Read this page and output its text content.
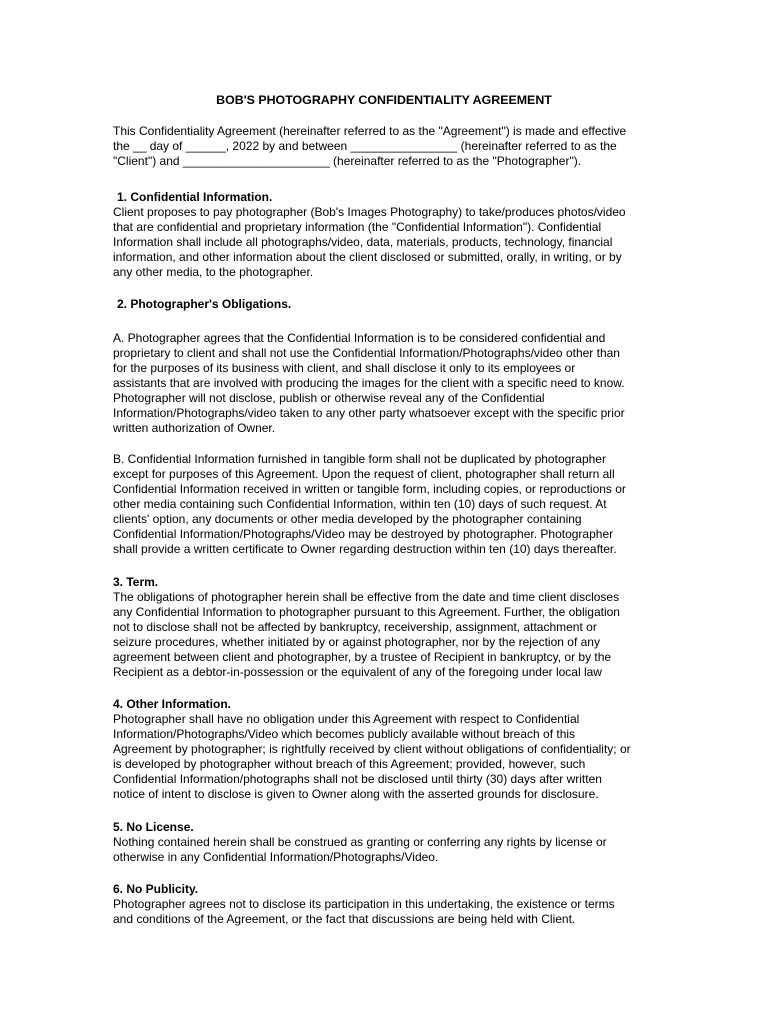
BOB'S PHOTOGRAPHY CONFIDENTIALITY AGREEMENT
This Confidentiality Agreement (hereinafter referred to as the "Agreement") is made and effective
the __ day of ______, 2022 by and between ________________ (hereinafter referred to as the
"Client") and ______________________ (hereinafter referred to as the "Photographer").
1. Confidential Information.
Client proposes to pay photographer (Bob's Images Photography) to take/produces photos/video
that are confidential and proprietary information (the "Confidential Information"). Confidential
Information shall include all photographs/video, data, materials, products, technology, financial
information, and other information about the client disclosed or submitted, orally, in writing, or by
any other media, to the photographer.
2. Photographer's Obligations.
A. Photographer agrees that the Confidential Information is to be considered confidential and
proprietary to client and shall not use the Confidential Information/Photographs/video other than
for the purposes of its business with client, and shall disclose it only to its employees or
assistants that are involved with producing the images for the client with a specific need to know.
Photographer will not disclose, publish or otherwise reveal any of the Confidential
Information/Photographs/video taken to any other party whatsoever except with the specific prior
written authorization of Owner.
B. Confidential Information furnished in tangible form shall not be duplicated by photographer
except for purposes of this Agreement. Upon the request of client, photographer shall return all
Confidential Information received in written or tangible form, including copies, or reproductions or
other media containing such Confidential Information, within ten (10) days of such request. At
clients' option, any documents or other media developed by the photographer containing
Confidential Information/Photographs/Video may be destroyed by photographer. Photographer
shall provide a written certificate to Owner regarding destruction within ten (10) days thereafter.
3. Term.
The obligations of photographer herein shall be effective from the date and time client discloses
any Confidential Information to photographer pursuant to this Agreement. Further, the obligation
not to disclose shall not be affected by bankruptcy, receivership, assignment, attachment or
seizure procedures, whether initiated by or against photographer, nor by the rejection of any
agreement between client and photographer, by a trustee of Recipient in bankruptcy, or by the
Recipient as a debtor-in-possession or the equivalent of any of the foregoing under local law
4. Other Information.
Photographer shall have no obligation under this Agreement with respect to Confidential
Information/Photographs/Video which becomes publicly available without breach of this
Agreement by photographer; is rightfully received by client without obligations of confidentiality; or
is developed by photographer without breach of this Agreement; provided, however, such
Confidential Information/photographs shall not be disclosed until thirty (30) days after written
notice of intent to disclose is given to Owner along with the asserted grounds for disclosure.
5. No License.
Nothing contained herein shall be construed as granting or conferring any rights by license or
otherwise in any Confidential Information/Photographs/Video.
6. No Publicity.
Photographer agrees not to disclose its participation in this undertaking, the existence or terms
and conditions of the Agreement, or the fact that discussions are being held with Client.
